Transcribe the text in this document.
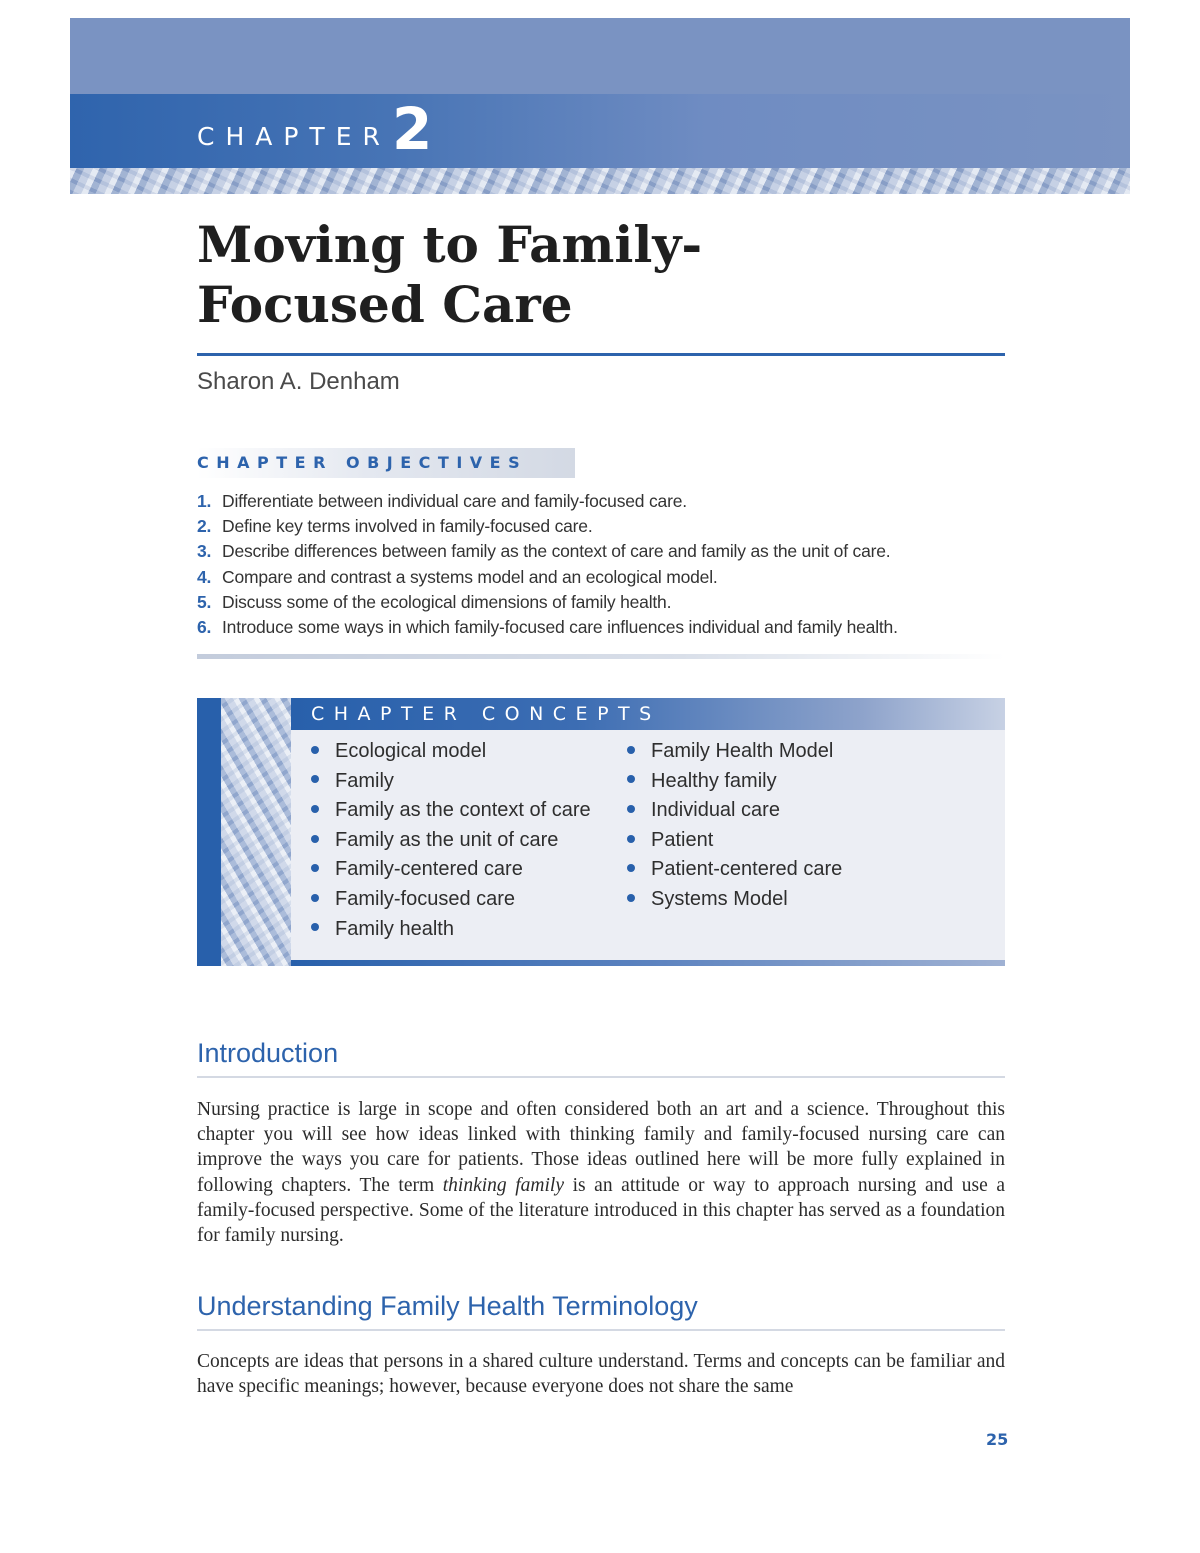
CHAPTER 2
Moving to Family-
Focused Care
Sharon A. Denham
CHAPTER OBJECTIVES
1. Differentiate between individual care and family-focused care.
2. Define key terms involved in family-focused care.
3. Describe differences between family as the context of care and family as the unit of care.
4. Compare and contrast a systems model and an ecological model.
5. Discuss some of the ecological dimensions of family health.
6. Introduce some ways in which family-focused care influences individual and family health.
CHAPTER CONCEPTS
Ecological model
Family
Family as the context of care
Family as the unit of care
Family-centered care
Family-focused care
Family health
Family Health Model
Healthy family
Individual care
Patient
Patient-centered care
Systems Model
Introduction

Nursing practice is large in scope and often considered both an art and a science. Throughout this chapter you will see how ideas linked with thinking family and family-focused nursing care can improve the ways you care for patients. Those ideas outlined here will be more fully explained in following chapters. The term thinking family is an attitude or way to approach nursing and use a family-focused perspective. Some of the literature introduced in this chapter has served as a foundation for family nursing.

Understanding Family Health Terminology

Concepts are ideas that persons in a shared culture understand. Terms and concepts can be familiar and have specific meanings; however, because everyone does not share the same

25
